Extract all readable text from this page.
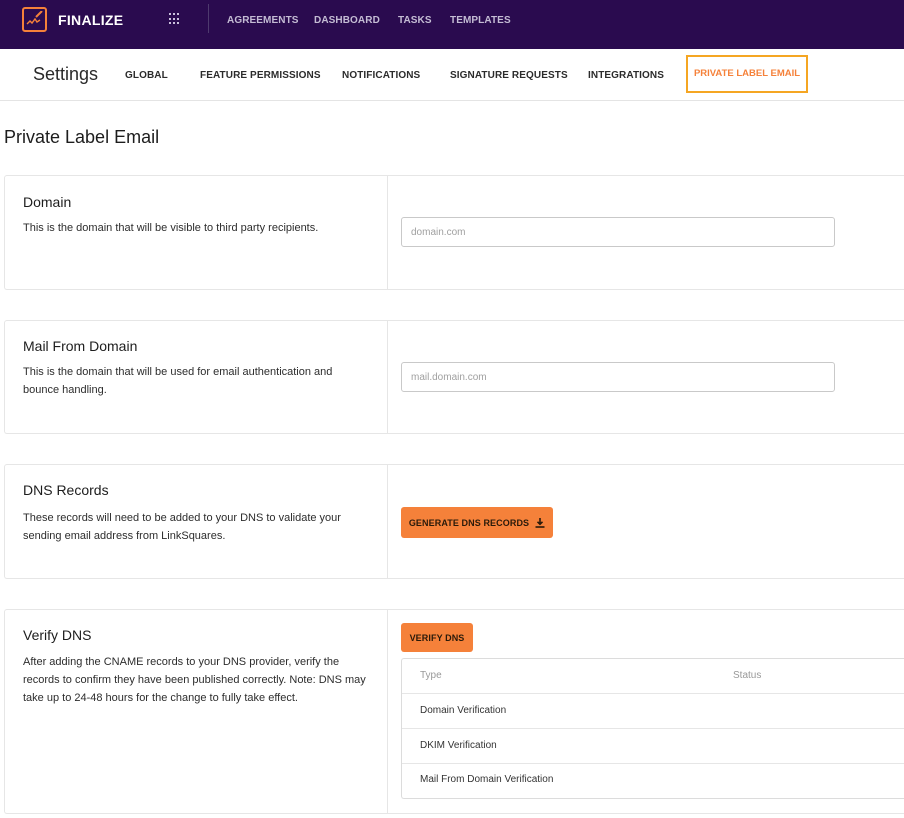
FINALIZE	AGREEMENTS DASHBOARD TASKS TEMPLATES
Settings	GLOBAL	FEATURE PERMISSIONS NOTIFICATIONS	SIGNATURE REQUESTS INTEGRATIONS	PRIVATE LABEL EMAIL
Private Label Email
Domain
This is the domain that will be visible to third party recipients.
domain.com
Mail From Domain
This is the domain that will be used for email authentication and bounce handling.
mail.domain.com
DNS Records
These records will need to be added to your DNS to validate your sending email address from LinkSquares.
GENERATE DNS RECORDS
Verify DNS
After adding the CNAME records to your DNS provider, verify the records to confirm they have been published correctly. Note: DNS may take up to 24-48 hours for the change to fully take effect.
VERIFY DNS
Type	Status
Domain Verification
DKIM Verification
Mail From Domain Verification
